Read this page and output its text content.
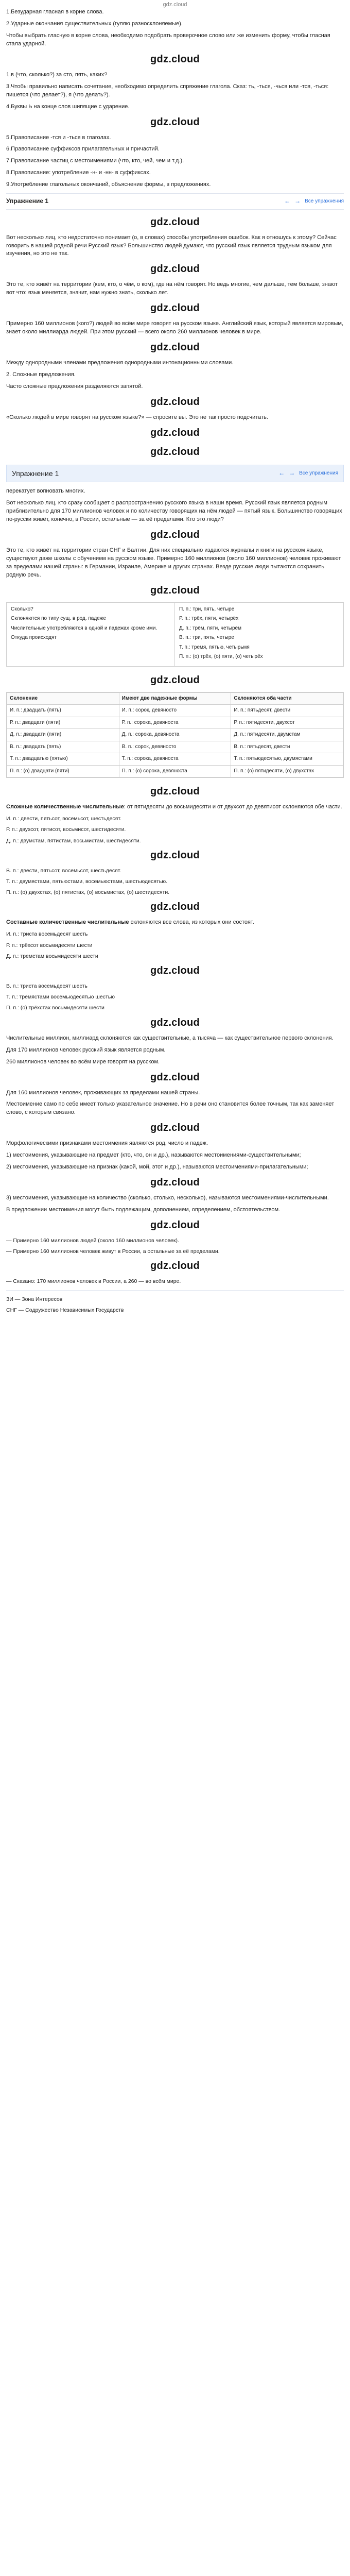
gdz.cloud

1.Безударная гласная в корне слова.

2.Ударные окончания существительных (гуляю разносклоняемые).

Чтобы выбрать гласную в корне слова, необходимо подобрать проверочное слово или же изменить форму, чтобы гласная стала ударной.

gdz.cloud

1.в (что, сколько?) за сто, пять, каких?

3.Чтобы правильно написать сочетание, необходимо определить спряжение глагола. Сказ: ть, -ться, -чься или -тся, -ться: пишется (что делает?), я (что делать?).

4.Буквы Ь на конце слов шипящие с ударение.

gdz.cloud

5.Правописание -тся и -ться в глаголах.

6.Правописание суффиксов прилагательных и причастий.

7.Правописание частиц с местоимениями (что, кто, чей, чем и т.д.).

8.Правописание: употребление -н- и -нн- в суффиксах.

9.Употребление глагольных окончаний, объяснение формы, в предложениях.

Упражнение 1	← → Все упражнения
gdz.cloud

Вот несколько лиц, кто недостаточно понимает (о, в словах) способы употребления ошибок. Как я отношусь к этому? Сейчас говорить в нашей родной речи Русский язык? Большинство людей думают, что русский язык является трудным языком для изучения, но это не так.

gdz.cloud

Это те, кто живёт на территории (кем, кто, о чём, о ком), где на нём говорят. Но ведь многие, чем дальше, тем больше, знают вот что: язык меняется, значит, нам нужно знать, сколько лет.

gdz.cloud

Примерно 160 миллионов (кого?) людей во всём мире говорят на русском языке. Английский язык, который является мировым, знает около миллиарда людей. При этом русский — всего около 260 миллионов человек в мире.

gdz.cloud

Между однородными членами предложения однородными интонационными словами.

2. Сложные предложения.

Часто сложные предложения разделяются запятой.

gdz.cloud

«Сколько людей в мире говорят на русском языке?» — спросите вы. Это не так просто подсчитать.

gdz.cloud
gdz.cloud
Упражнение 1	← → Все упражнения

перекатует вопновать многих.

Вот несколько лиц, кто сразу сообщает о распространению русского языка в наши время. Русский язык является родным приблизительно для 170 миллионов человек и по количеству говорящих на нём людей — пятый язык. Большинство говорящих по-русски живёт, конечно, в России, остальные — за её пределами. Кто это люди?

gdz.cloud

Это те, кто живёт на территории стран СНГ и Балтии. Для них специально издаются журналы и книги на русском языке, существуют даже школы с обучением на русском языке. Примерно 160 миллионов (около 160 миллионов) человек проживают за пределами нашей страны: в Германии, Израиле, Америке и других странах. Везде русские люди пытаются сохранить родную речь.

gdz.cloud

Сколько?

Склоняются по типу сущ. в род. падеже

Числительные употребляются в одной и падежах кроме ими.

Откуда происходят

П. п.: три, пять, четыре

Р. п.: трёх, пяти, четырёх

Д. п.: трём, пяти, четырём

В. п.: три, пять, четыре

Т. п.: тремя, пятью, четырьмя

П. п.: (о) трёх, (о) пяти, (о) четырёх

gdz.cloud
Склонение	Имеют две падежные формы	Склоняются оба части
И. п.: двадцать (пять)	И. п.: сорок, девяносто	И. п.: пятьдесят, двести
Р. п.: двадцати (пяти)	Р. п.: сорока, девяноста	Р. п.: пятидесяти, двухсот
Д. п.: двадцати (пяти)	Д. п.: сорока, девяноста	Д. п.: пятидесяти, двумстам
В. п.: двадцать (пять)	В. п.: сорок, девяносто	В. п.: пятьдесят, двести
Т. п.: двадцатью (пятью)	Т. п.: сорока, девяноста	Т. п.: пятьюдесятью, двумястами
П. п.: (о) двадцати (пяти)	П. п.: (о) сорока, девяноста	П. п.: (о) пятидесяти, (о) двухстах
gdz.cloud

Сложные количественные числительные: от пятидесяти до восьмидесяти и от двухсот до девятисот склоняются обе части.

И. п.: двести, пятьсот, восемьсот, шестьдесят.

Р. п.: двухсот, пятисот, восьмисот, шестидесяти.

Д. п.: двумстам, пятистам, восьмистам, шестидесяти.

gdz.cloud

В. п.: двести, пятьсот, восемьсот, шестьдесят.

Т. п.: двумястами, пятьюстами, восемьюстами, шестьюдесятью.

П. п.: (о) двухстах, (о) пятистах, (о) восьмистах, (о) шестидесяти.

gdz.cloud

Составные количественные числительные склоняются все слова, из которых они состоят.

И. п.: триста восемьдесят шесть

Р. п.: трёхсот восьмидесяти шести

Д. п.: тремстам восьмидесяти шести

gdz.cloud

В. п.: триста восемьдесят шесть

Т. п.: тремястами восемьюдесятью шестью

П. п.: (о) трёхстах восьмидесяти шести

gdz.cloud

Числительные миллион, миллиард склоняются как существительные, а тысяча — как существительное первого склонения.

Для 170 миллионов человек русский язык является родным.

260 миллионов человек во всём мире говорят на русском.

gdz.cloud

Для 160 миллионов человек, проживающих за пределами нашей страны.

Местоимение само по себе имеет только указательное значение. Но в речи оно становится более точным, так как заменяет слово, с которым связано.

gdz.cloud

Морфологическими признаками местоимения являются род, число и падеж.

1) местоимения, указывающие на предмет (кто, что, он и др.), называются местоимениями-существительными;

2) местоимения, указывающие на признак (какой, мой, этот и др.), называются местоимениями-прилагательными;

gdz.cloud

3) местоимения, указывающие на количество (сколько, столько, несколько), называются местоимениями-числительными.

В предложении местоимения могут быть подлежащим, дополнением, определением, обстоятельством.

gdz.cloud

— Примерно 160 миллионов людей (около 160 миллионов человек).

— Примерно 160 миллионов человек живут в России, а остальные за её пределами.

gdz.cloud

— Сказано: 170 миллионов человек в России, а 260 — во всём мире.

ЗИ — Зона Интересов

СНГ — Содружество Независимых Государств
